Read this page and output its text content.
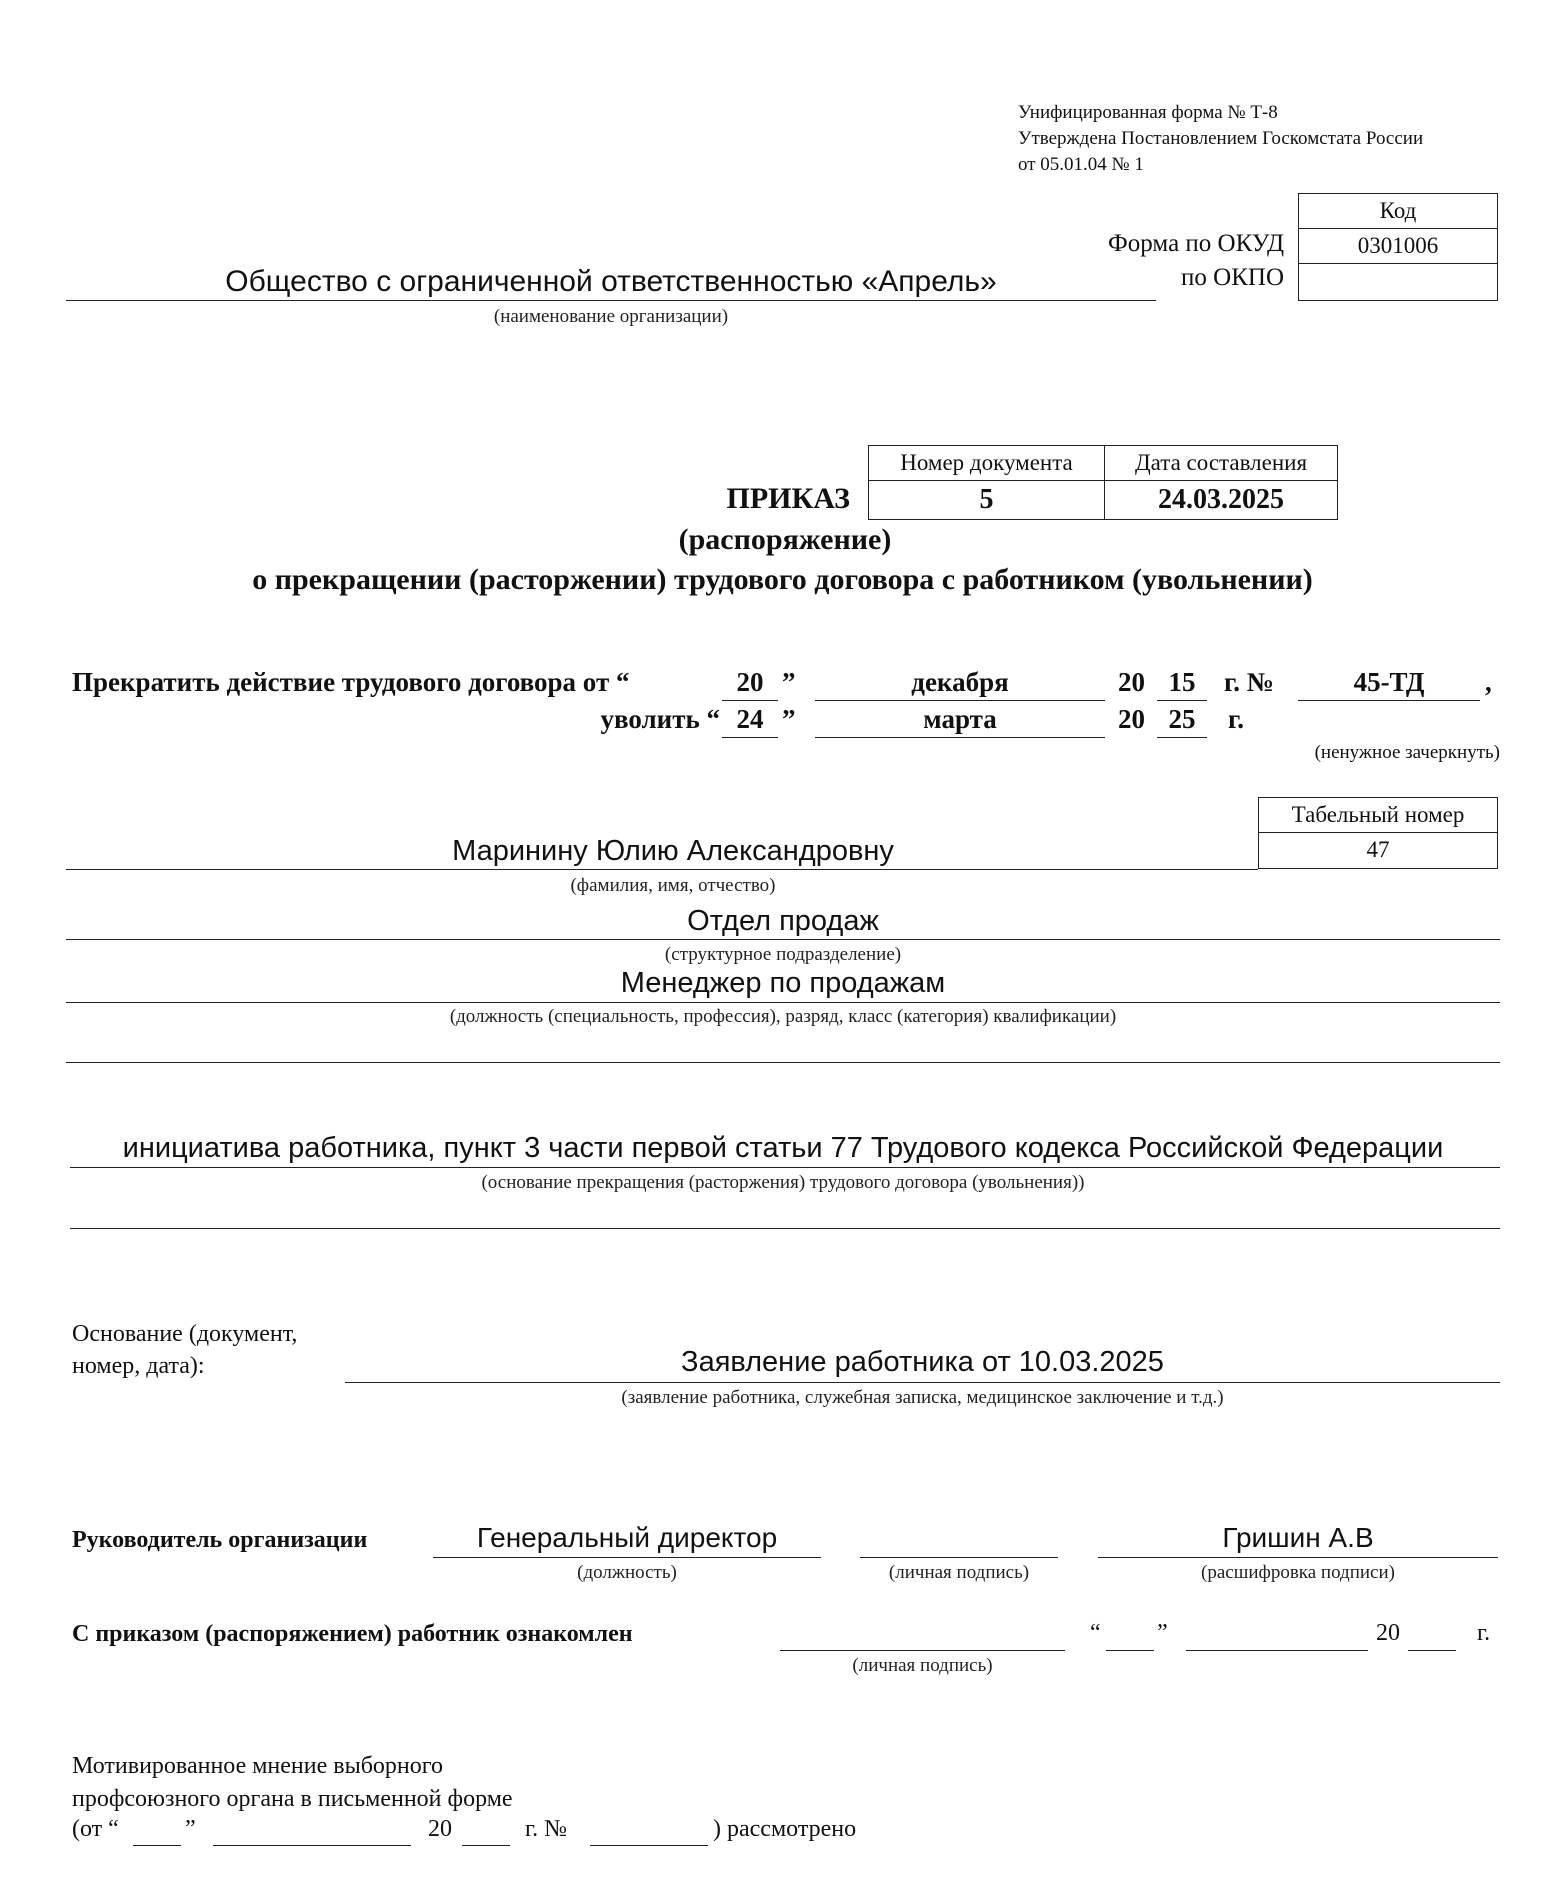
Унифицированная форма № Т-8
Утверждена Постановлением Госкомстата России
от 05.01.04 № 1
Код
0301006
Форма по ОКУД
по ОКПО
Общество с ограниченной ответственностью «Апрель»
(наименование организации)
Номер документа	Дата составления
5	24.03.2025
ПРИКАЗ
(распоряжение)
о прекращении (расторжении) трудового договора с работником (увольнении)
Прекратить действие трудового договора от “	20 ”	декабря	20 15	г. №	45-ТД	,
уволить “ 24 ”	марта	20 25	г.
(ненужное зачеркнуть)
Табельный номер
47
Маринину Юлию Александровну
(фамилия, имя, отчество)
Отдел продаж
(структурное подразделение)
Менеджер по продажам
(должность (специальность, профессия), разряд, класс (категория) квалификации)
инициатива работника, пункт 3 части первой статьи 77 Трудового кодекса Российской Федерации
(основание прекращения (расторжения) трудового договора (увольнения))
Основание (документ,
номер, дата):	Заявление работника от 10.03.2025
(заявление работника, служебная записка, медицинское заключение и т.д.)
Руководитель организации	Генеральный директор
(должность)	(личная подпись)
Гришин А.В
(расшифровка подписи)
С приказом (распоряжением) работник ознакомлен
(личная подпись)
“ ”	20	г.
Мотивированное мнение выборного
профсоюзного органа в письменной форме
(от “	”	20	г. №	) рассмотрено
